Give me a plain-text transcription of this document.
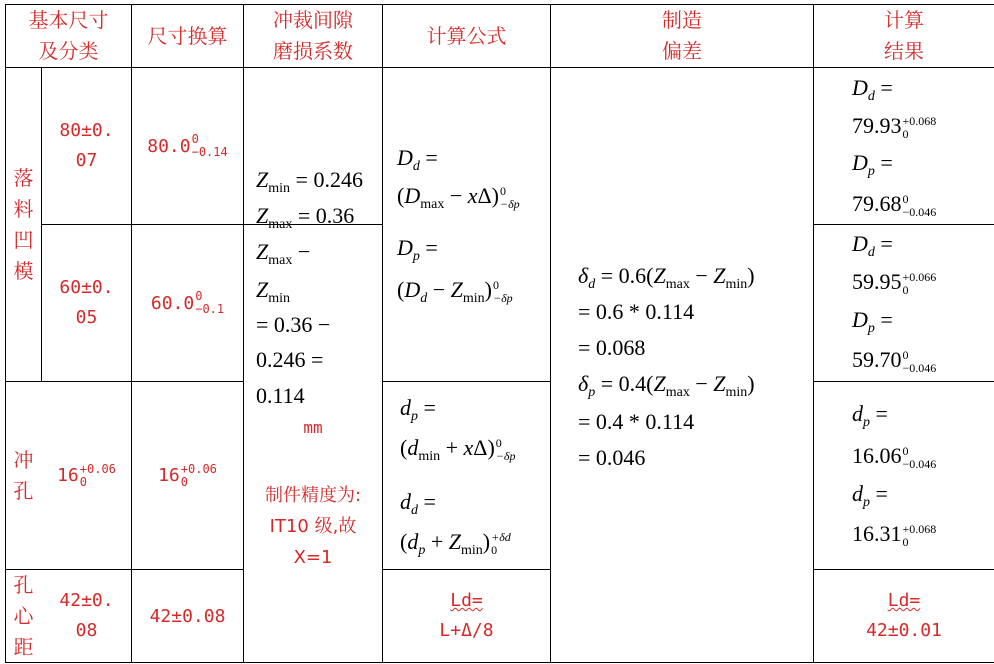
基本尺寸
及分类
尺寸换算
冲裁间隙
磨损系数
计算公式
制造
偏差
计算
结果
落
料
凹
模
冲
孔
孔
心
距
80±0.
07
80.0 0
−0.14
60±0.
05
60.0 0
−0.1
16 +0.06
0	16 +0.06
0
42±0.
08
42±0.08
$Z_{min} = 0.246$
$Z_{max} = 0.36$
$Z_{max}$ −
$Z_{min}$
= 0.36 −
0.246 =
0.114
mm
制件精度为:
IT10 级,故
X=1
$D_d$ =
$(D_{max} - x\Delta)$ 0
−δp
$D_p$ =
$(D_d - Z_{min})$ 0
−δp
$d_p$ =
$(d_{min} + x\Delta)$ 0
−δp
$d_d$ =
$(d_p + Z_{min}) +\delta d$
0
Ld=
L+Δ/8
$\delta_d = 0.6(Z_{max} - Z_{min})$
= 0.6 * 0.114
= 0.068
$\delta_p = 0.4(Z_{max} - Z_{min})$
= 0.4 * 0.114
= 0.046
$D_d$ =
79.93 +0.068
0
$D_p$ =
79.68 0
−0.046
$D_d$ =
59.95 +0.066
0
$D_p$ =
59.70 0
−0.046
$d_p$ =
16.06 0
−0.046
$d_p$ =
16.31 +0.068
0
Ld=
42±0.01
